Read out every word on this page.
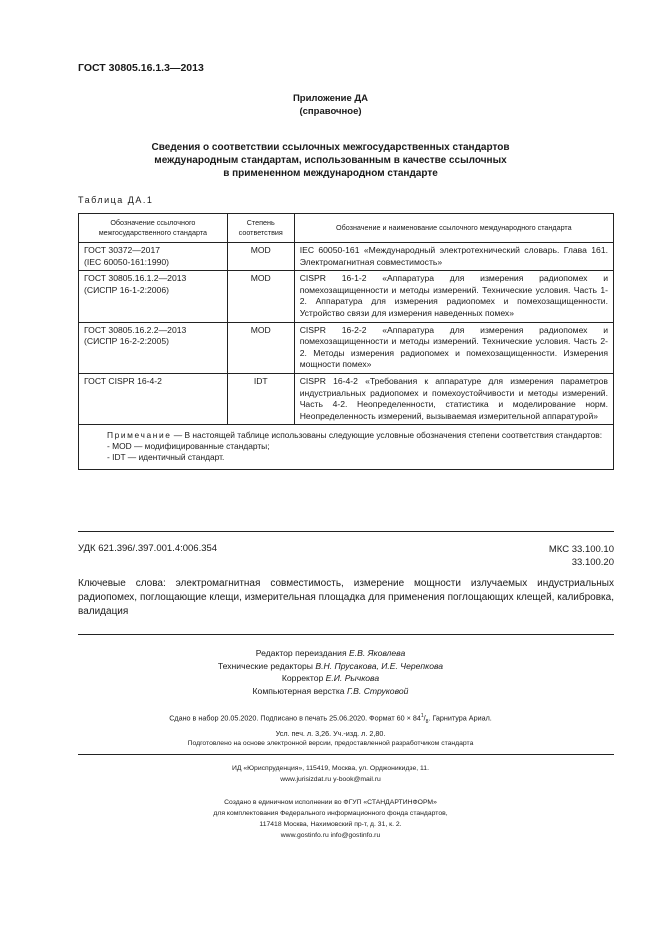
ГОСТ 30805.16.1.3—2013
Приложение ДА
(справочное)
Сведения о соответствии ссылочных межгосударственных стандартов
международным стандартам, использованным в качестве ссылочных
в примененном международном стандарте
Таблица ДА.1
Обозначение ссылочного межгосударственного стандарта	Степень соответствия	Обозначение и наименование ссылочного международного стандарта

ГОСТ 30372—2017
(IEC 60050-161:1990)	MOD	IEC 60050-161 «Международный электротехнический словарь. Глава 161. Электромагнитная совместимость»

ГОСТ 30805.16.1.2—2013
(СИСПР 16-1-2:2006)	MOD	CISPR 16-1-2 «Аппаратура для измерения радиопомех и помехозащищенности и методы измерений. Технические условия. Часть 1-2. Аппаратура для измерения радиопомех и помехозащищенности. Устройство связи для измерения наведенных помех»

ГОСТ 30805.16.2.2—2013
(СИСПР 16-2-2:2005)	MOD	CISPR 16-2-2 «Аппаратура для измерения радиопомех и помехозащищенности и методы измерений. Технические условия. Часть 2-2. Методы измерения радиопомех и помехозащищенности. Измерения мощности помех»

ГОСТ CISPR 16-4-2	IDT	CISPR 16-4-2 «Требования к аппаратуре для измерения параметров индустриальных радиопомех и помехоустойчивости и методы измерений. Часть 4-2. Неопределенности, статистика и моделирование норм. Неопределенность измерений, вызываемая измерительной аппаратурой»

Примечание — В настоящей таблице использованы следующие условные обозначения степени соответствия стандартов:
- MOD — модифицированные стандарты;
- IDT — идентичный стандарт.		
УДК 621.396/.397.001.4:006.354	МКС 33.100.10
33.100.20
Ключевые слова: электромагнитная совместимость, измерение мощности излучаемых индустриальных радиопомех, поглощающие клещи, измерительная площадка для применения поглощающих клещей, калибровка, валидация
Редактор переиздания Е.В. Яковлева
Технические редакторы В.Н. Прусакова, И.Е. Черепкова
Корректор Е.И. Рычкова
Компьютерная верстка Г.В. Струковой
Сдано в набор 20.05.2020. Подписано в печать 25.06.2020. Формат $60 \times 84^1/_8$. Гарнитура Ариал.
Усл. печ. л. 3,26. Уч.-изд. л. 2,80.
Подготовлено на основе электронной версии, предоставленной разработчиком стандарта
ИД «Юриспруденция», 115419, Москва, ул. Орджоникидзе, 11.
www.jurisizdat.ru y-book@mail.ru
Создано в единичном исполнении во ФГУП «СТАНДАРТИНФОРМ»
для комплектования Федерального информационного фонда стандартов,
117418 Москва, Нахимовский пр-т, д. 31, к. 2.
www.gostinfo.ru info@gostinfo.ru
